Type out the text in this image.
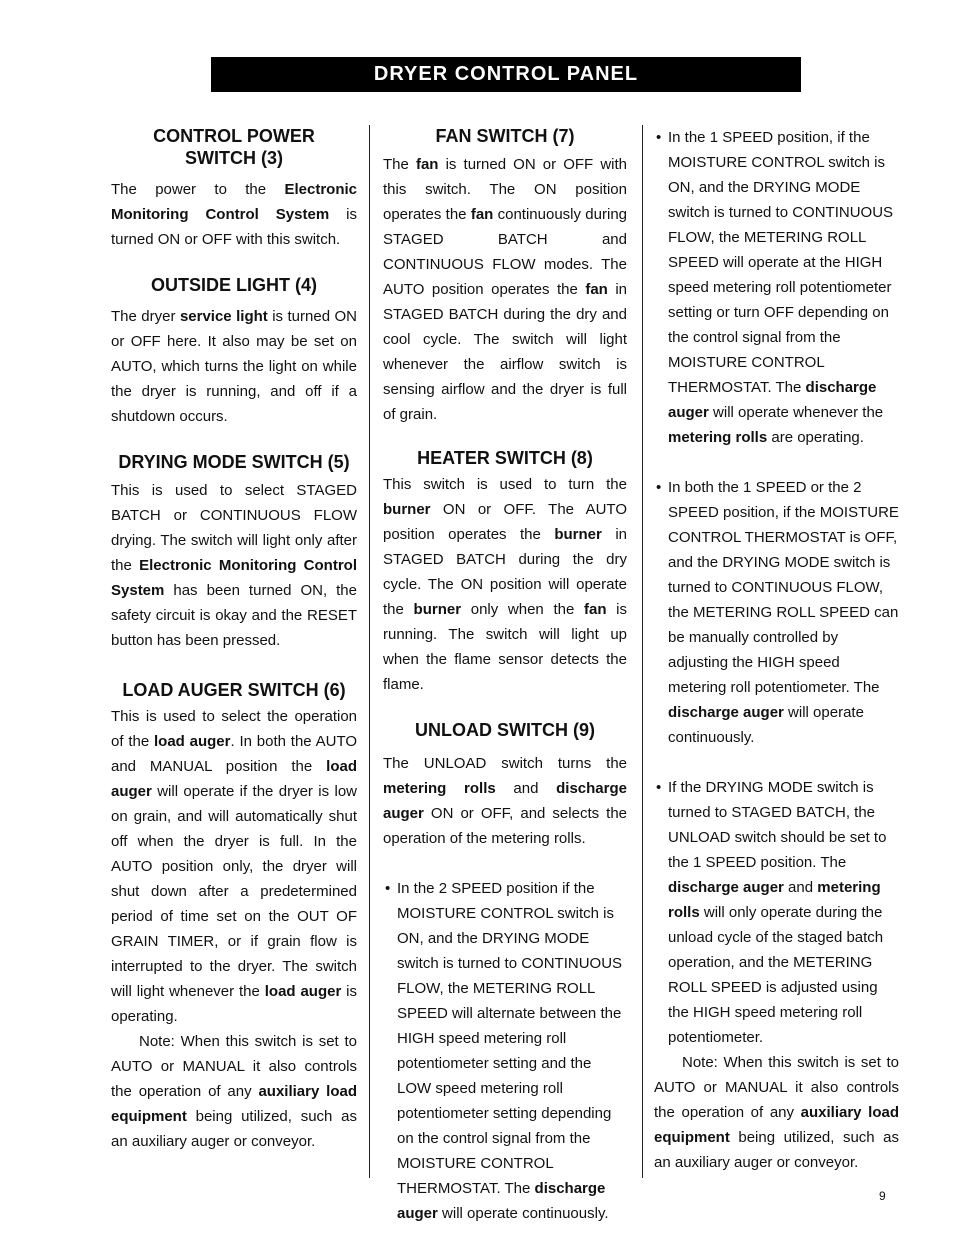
DRYER CONTROL PANEL
CONTROL POWER SWITCH (3)

The power to the Electronic Monitoring Control System is turned ON or OFF with this switch.

OUTSIDE LIGHT (4)

The dryer service light is turned ON or OFF here. It also may be set on AUTO, which turns the light on while the dryer is running, and off if a shutdown occurs.

DRYING MODE SWITCH (5)

This is used to select STAGED BATCH or CONTINUOUS FLOW drying. The switch will light only after the Electronic Monitoring Control System has been turned ON, the safety circuit is okay and the RESET button has been pressed.

LOAD AUGER SWITCH (6)

This is used to select the operation of the load auger. In both the AUTO and MANUAL position the load auger will operate if the dryer is low on grain, and will automatically shut off when the dryer is full. In the AUTO position only, the dryer will shut down after a predetermined period of time set on the OUT OF GRAIN TIMER, or if grain flow is interrupted to the dryer. The switch will light whenever the load auger is operating.

Note: When this switch is set to AUTO or MANUAL it also controls the operation of any auxiliary load equipment being utilized, such as an auxiliary auger or conveyor.

FAN SWITCH (7)

The fan is turned ON or OFF with this switch. The ON position operates the fan continuously during STAGED BATCH and CONTINUOUS FLOW modes. The AUTO position operates the fan in STAGED BATCH during the dry and cool cycle. The switch will light whenever the airflow switch is sensing airflow and the dryer is full of grain.

HEATER SWITCH (8)

This switch is used to turn the burner ON or OFF. The AUTO position operates the burner in STAGED BATCH during the dry cycle. The ON position will operate the burner only when the fan is running. The switch will light up when the flame sensor detects the flame.

UNLOAD SWITCH (9)

The UNLOAD switch turns the metering rolls and discharge auger ON or OFF, and selects the operation of the metering rolls.

• In the 2 SPEED position if the MOISTURE CONTROL switch is ON, and the DRYING MODE switch is turned to CONTINUOUS FLOW, the METERING ROLL SPEED will alternate between the HIGH speed metering roll potentiometer setting and the LOW speed metering roll potentiometer setting depending on the control signal from the MOISTURE CONTROL THERMOSTAT. The discharge auger will operate continuously.
• In the 1 SPEED position, if the MOISTURE CONTROL switch is ON, and the DRYING MODE switch is turned to CONTINUOUS FLOW, the METERING ROLL SPEED will operate at the HIGH speed metering roll potentiometer setting or turn OFF depending on the control signal from the MOISTURE CONTROL THERMOSTAT. The discharge auger will operate whenever the metering rolls are operating.
• In both the 1 SPEED or the 2 SPEED position, if the MOISTURE CONTROL THERMOSTAT is OFF, and the DRYING MODE switch is turned to CONTINUOUS FLOW, the METERING ROLL SPEED can be manually controlled by adjusting the HIGH speed metering roll potentiometer. The discharge auger will operate continuously.
• If the DRYING MODE switch is turned to STAGED BATCH, the UNLOAD switch should be set to the 1 SPEED position. The discharge auger and metering rolls will only operate during the unload cycle of the staged batch operation, and the METERING ROLL SPEED is adjusted using the HIGH speed metering roll potentiometer.

Note: When this switch is set to AUTO or MANUAL it also controls the operation of any auxiliary load equipment being utilized, such as an auxiliary auger or conveyor.

9
